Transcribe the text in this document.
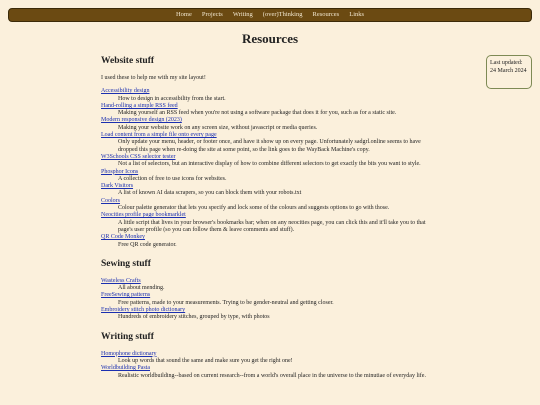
Home	Projects	Writing	(over)Thinking	Resources	Links
Resources
Last updated:
24 March 2024
Website stuff

I used these to help me with my site layout!

Accessibility design
How to design in accessibility from the start.
Hand-rolling a simple RSS feed
Making yourself an RSS feed when you're not using a software package that does it for you, such as for a static site.
Modern responsive design (2023)
Making your website work on any screen size, without javascript or media queries.
Load content from a simple file onto every page
Only update your menu, header, or footer once, and have it show up on every page. Unfortunately sadgrl.online seems to have dropped this page when re-doing the site at some point, so the link goes to the WayBack Machine's copy.
W3Schools CSS selector tester
Not a list of selectors, but an interactive display of how to combine different selectors to get exactly the bits you want to style.
Phosphor Icons
A collection of free to use icons for websites.
Dark Visitors
A list of known AI data scrapers, so you can block them with your robots.txt
Coolors
Colour palette generator that lets you specify and lock some of the colours and suggests options to go with those.
Neocities profile page bookmarklet
A little script that lives in your browser's bookmarks bar; when on any neocities page, you can click this and it'll take you to that page's user profile (so you can follow them & leave comments and stuff).
QR Code Monkey
Free QR code generator.
Sewing stuff
Wasteless Crafts
All about mending.
FreeSewing patterns
Free patterns, made to your measurements. Trying to be gender-neutral and getting closer.
Embroidery stitch photo dictionary
Hundreds of embroidery stitches, grouped by type, with photos
Writing stuff
Homophone dictionary
Look up words that sound the same and make sure you get the right one!
Worldbuilding Pasta
Realistic worldbuilding--based on current research--from a world's overall place in the universe to the minutiae of everyday life.
